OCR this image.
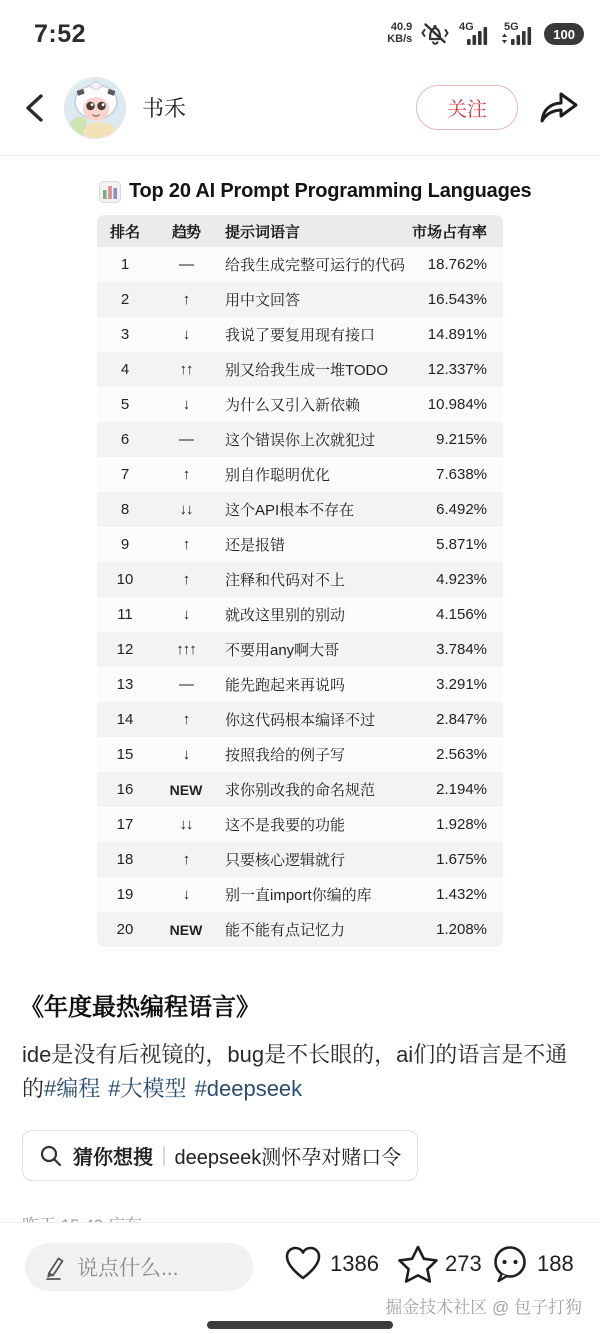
7:52	40.9
KB/s
4G	5G	100
书禾	关注
Top 20 AI Prompt Programming Languages
排名	趋势	提示词语言	市场占有率
1	—	给我生成完整可运行的代码	18.762%
2	↑	用中文回答	16.543%
3	↓	我说了要复用现有接口	14.891%
4	↑↑	别又给我生成一堆TODO	12.337%
5	↓	为什么又引入新依赖	10.984%
6	—	这个错误你上次就犯过	9.215%
7	↑	别自作聪明优化	7.638%
8	↓↓	这个API根本不存在	6.492%
9	↑	还是报错	5.871%
10	↑	注释和代码对不上	4.923%
11	↓	就改这里别的别动	4.156%
12	↑↑↑	不要用any啊大哥	3.784%
13	—	能先跑起来再说吗	3.291%
14	↑	你这代码根本编译不过	2.847%
15	↓	按照我给的例子写	2.563%
16	NEW	求你别改我的命名规范	2.194%
17	↓↓	这不是我要的功能	1.928%
18	↑	只要核心逻辑就行	1.675%
19	↓	别一直import你编的库	1.432%
20	NEW	能不能有点记忆力	1.208%
《年度最热编程语言》
ide是没有后视镜的，bug是不长眼的，ai们的语言是不通的#编程 #大模型 #deepseek
猜你想搜 deepseek测怀孕对赌口令
说点什么...	1386	273	188
掘金技术社区 @ 包子打狗
